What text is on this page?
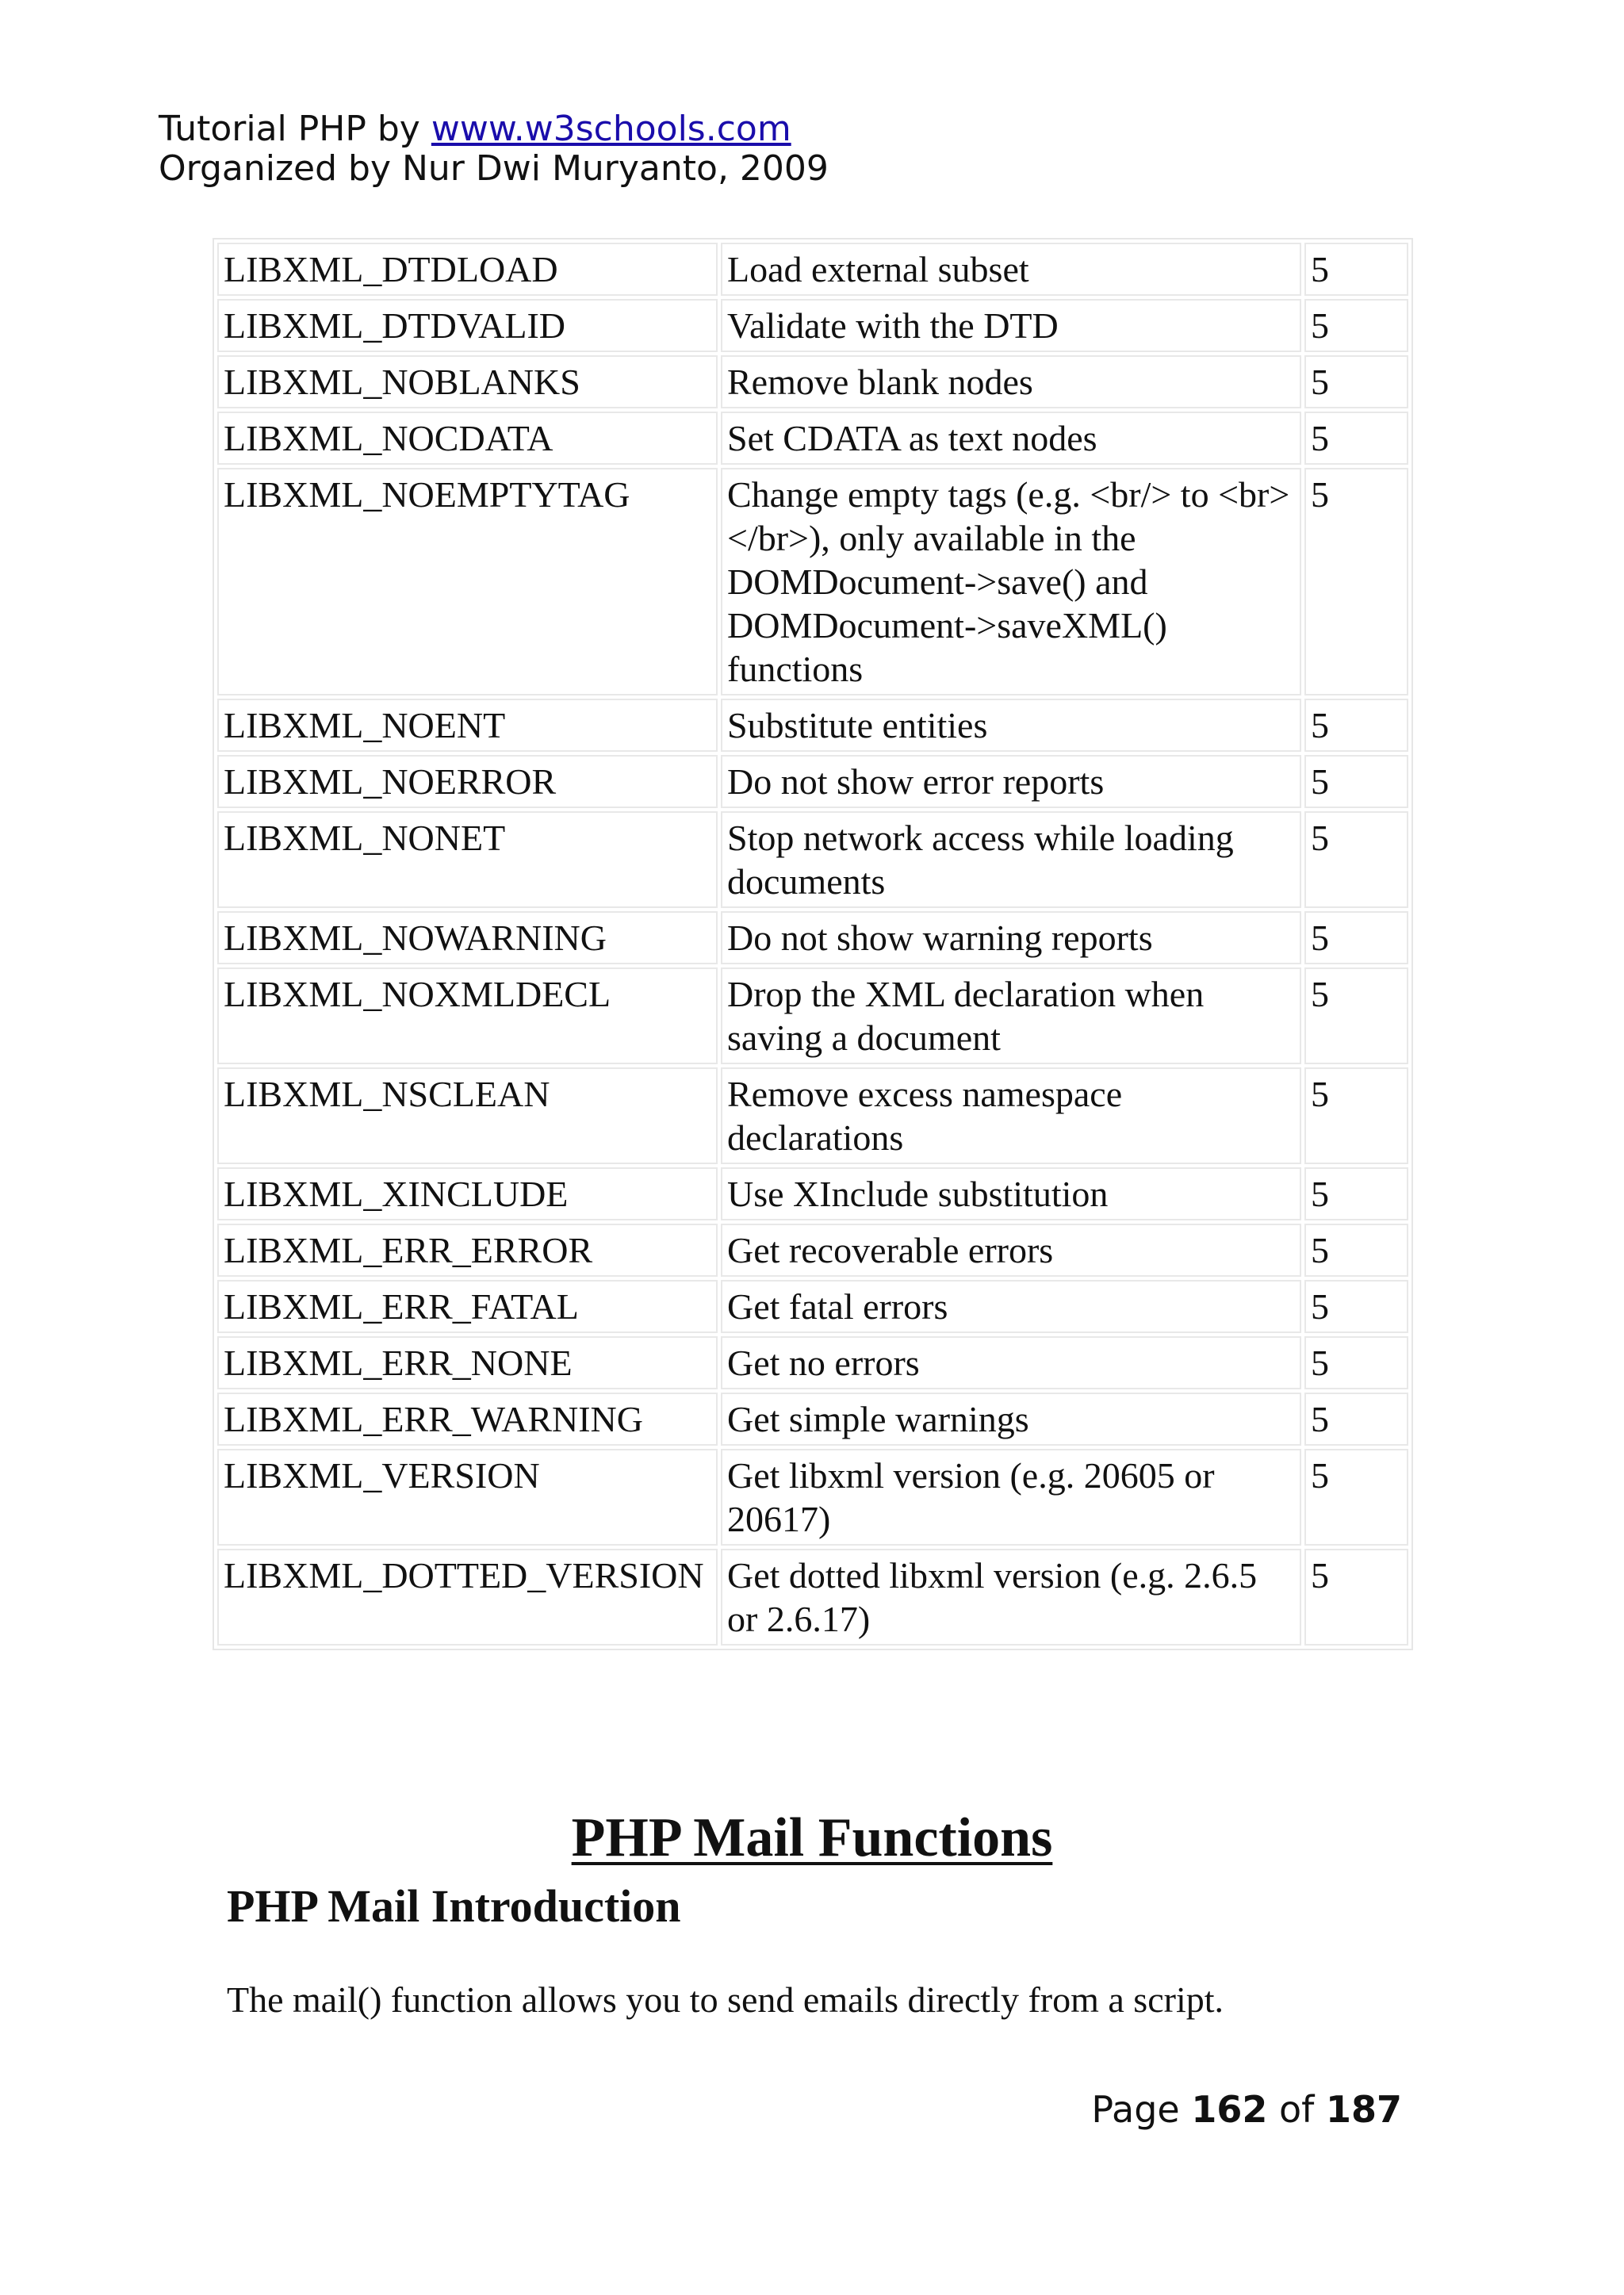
Tutorial PHP by www.w3schools.com
Organized by Nur Dwi Muryanto, 2009
LIBXML_DTDLOAD	Load external subset	5
LIBXML_DTDVALID	Validate with the DTD	5
LIBXML_NOBLANKS	Remove blank nodes	5
LIBXML_NOCDATA	Set CDATA as text nodes	5
LIBXML_NOEMPTYTAG	Change empty tags (e.g. <br/> to <br></br>), only available in the DOMDocument->save() and DOMDocument->saveXML() functions	5
LIBXML_NOENT	Substitute entities	5
LIBXML_NOERROR	Do not show error reports	5
LIBXML_NONET	Stop network access while loading documents	5
LIBXML_NOWARNING	Do not show warning reports	5
LIBXML_NOXMLDECL	Drop the XML declaration when saving a document	5
LIBXML_NSCLEAN	Remove excess namespace declarations	5
LIBXML_XINCLUDE	Use XInclude substitution	5
LIBXML_ERR_ERROR	Get recoverable errors	5
LIBXML_ERR_FATAL	Get fatal errors	5
LIBXML_ERR_NONE	Get no errors	5
LIBXML_ERR_WARNING	Get simple warnings	5
LIBXML_VERSION	Get libxml version (e.g. 20605 or 20617)	5
LIBXML_DOTTED_VERSION	Get dotted libxml version (e.g. 2.6.5 or 2.6.17)	5
PHP Mail Functions
PHP Mail Introduction
The mail() function allows you to send emails directly from a script.
Page 162 of 187
